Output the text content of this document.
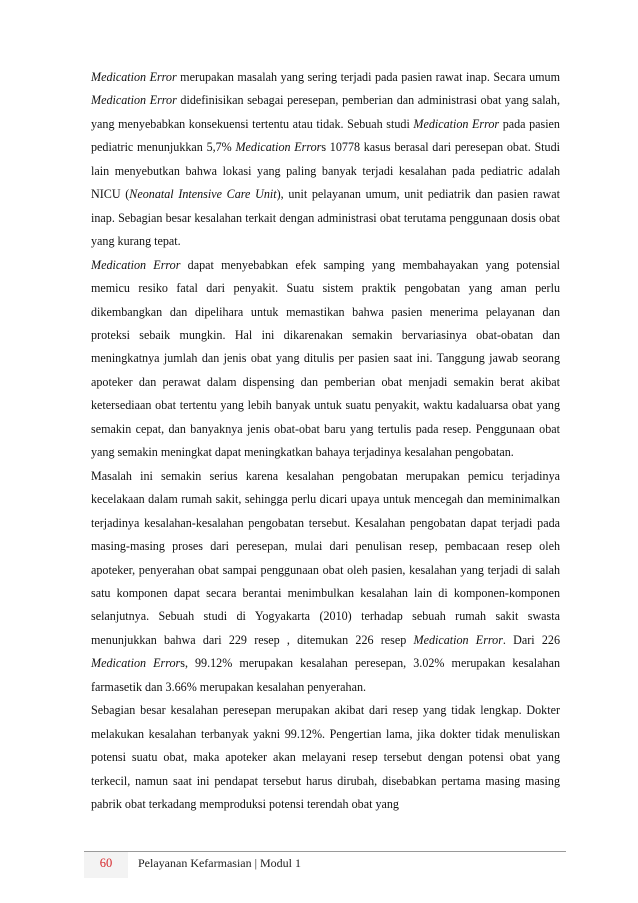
Medication Error merupakan masalah yang sering terjadi pada pasien rawat inap. Secara umum Medication Error didefinisikan sebagai peresepan, pemberian dan administrasi obat yang salah, yang menyebabkan konsekuensi tertentu atau tidak. Sebuah studi Medication Error pada pasien pediatric menunjukkan 5,7% Medication Errors 10778 kasus berasal dari peresepan obat. Studi lain menyebutkan bahwa lokasi yang paling banyak terjadi kesalahan pada pediatric adalah NICU (Neonatal Intensive Care Unit), unit pelayanan umum, unit pediatrik dan pasien rawat inap. Sebagian besar kesalahan terkait dengan administrasi obat terutama penggunaan dosis obat yang kurang tepat.

Medication Error dapat menyebabkan efek samping yang membahayakan yang potensial memicu resiko fatal dari penyakit. Suatu sistem praktik pengobatan yang aman perlu dikembangkan dan dipelihara untuk memastikan bahwa pasien menerima pelayanan dan proteksi sebaik mungkin. Hal ini dikarenakan semakin bervariasinya obat-obatan dan meningkatnya jumlah dan jenis obat yang ditulis per pasien saat ini. Tanggung jawab seorang apoteker dan perawat dalam dispensing dan pemberian obat menjadi semakin berat akibat ketersediaan obat tertentu yang lebih banyak untuk suatu penyakit, waktu kadaluarsa obat yang semakin cepat, dan banyaknya jenis obat-obat baru yang tertulis pada resep. Penggunaan obat yang semakin meningkat dapat meningkatkan bahaya terjadinya kesalahan pengobatan.

Masalah ini semakin serius karena kesalahan pengobatan merupakan pemicu terjadinya kecelakaan dalam rumah sakit, sehingga perlu dicari upaya untuk mencegah dan meminimalkan terjadinya kesalahan-kesalahan pengobatan tersebut. Kesalahan pengobatan dapat terjadi pada masing-masing proses dari peresepan, mulai dari penulisan resep, pembacaan resep oleh apoteker, penyerahan obat sampai penggunaan obat oleh pasien, kesalahan yang terjadi di salah satu komponen dapat secara berantai menimbulkan kesalahan lain di komponen-komponen selanjutnya. Sebuah studi di Yogyakarta (2010) terhadap sebuah rumah sakit swasta menunjukkan bahwa dari 229 resep , ditemukan 226 resep Medication Error. Dari 226 Medication Errors, 99.12% merupakan kesalahan peresepan, 3.02% merupakan kesalahan farmasetik dan 3.66% merupakan kesalahan penyerahan.

Sebagian besar kesalahan peresepan merupakan akibat dari resep yang tidak lengkap. Dokter melakukan kesalahan terbanyak yakni 99.12%. Pengertian lama, jika dokter tidak menuliskan potensi suatu obat, maka apoteker akan melayani resep tersebut dengan potensi obat yang terkecil, namun saat ini pendapat tersebut harus dirubah, disebabkan pertama masing masing pabrik obat terkadang memproduksi potensi terendah obat yang

60	Pelayanan Kefarmasian | Modul 1
